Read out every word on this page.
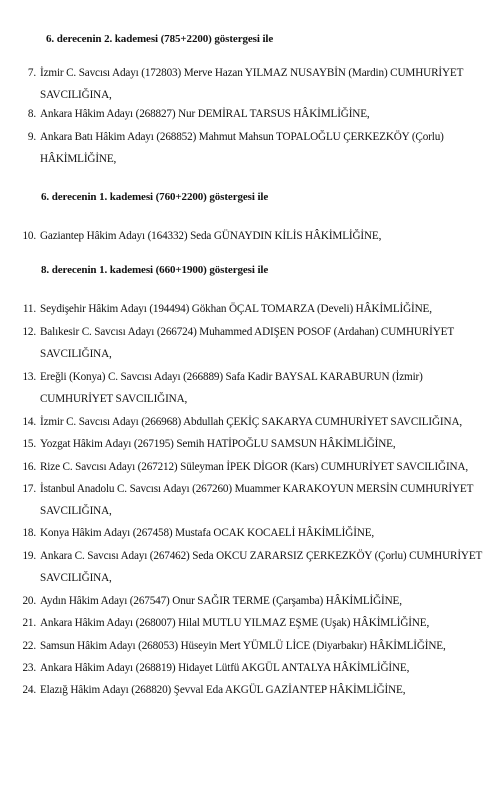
6. derecenin 2. kademesi (785+2200) göstergesi ile
7. İzmir C. Savcısı Adayı (172803) Merve Hazan YILMAZ NUSAYBİN (Mardin) CUMHURİYET SAVCILIĞINA,
8. Ankara Hâkim Adayı (268827) Nur DEMİRAL TARSUS HÂKİMLİĞİNE,
9. Ankara Batı Hâkim Adayı (268852) Mahmut Mahsun TOPALOĞLU ÇERKEZKÖY (Çorlu) HÂKİMLİĞİNE,
6. derecenin 1. kademesi (760+2200) göstergesi ile
10. Gaziantep Hâkim Adayı (164332) Seda GÜNAYDIN KİLİS HÂKİMLİĞİNE,
8. derecenin 1. kademesi (660+1900) göstergesi ile
11. Seydişehir Hâkim Adayı (194494) Gökhan ÖÇAL TOMARZA (Develi) HÂKİMLİĞİNE,
12. Balıkesir C. Savcısı Adayı (266724) Muhammed ADIŞEN POSOF (Ardahan) CUMHURİYET SAVCILIĞINA,
13. Ereğli (Konya) C. Savcısı Adayı (266889) Safa Kadir BAYSAL KARABURUN (İzmir) CUMHURİYET SAVCILIĞINA,
14. İzmir C. Savcısı Adayı (266968) Abdullah ÇEKİÇ SAKARYA CUMHURİYET SAVCILIĞINA,
15. Yozgat Hâkim Adayı (267195) Semih HATİPOĞLU SAMSUN HÂKİMLİĞİNE,
16. Rize C. Savcısı Adayı (267212) Süleyman İPEK DİGOR (Kars) CUMHURİYET SAVCILIĞINA,
17. İstanbul Anadolu C. Savcısı Adayı (267260) Muammer KARAKOYUN MERSİN CUMHURİYET SAVCILIĞINA,
18. Konya Hâkim Adayı (267458) Mustafa OCAK KOCAELİ HÂKİMLİĞİNE,
19. Ankara C. Savcısı Adayı (267462) Seda OKCU ZARARSIZ ÇERKEZKÖY (Çorlu) CUMHURİYET SAVCILIĞINA,
20. Aydın Hâkim Adayı (267547) Onur SAĞIR TERME (Çarşamba) HÂKİMLİĞİNE,
21. Ankara Hâkim Adayı (268007) Hilal MUTLU YILMAZ EŞME (Uşak) HÂKİMLİĞİNE,
22. Samsun Hâkim Adayı (268053) Hüseyin Mert YÜMLÜ LİCE (Diyarbakır) HÂKİMLİĞİNE,
23. Ankara Hâkim Adayı (268819) Hidayet Lütfü AKGÜL ANTALYA HÂKİMLİĞİNE,
24. Elazığ Hâkim Adayı (268820) Şevval Eda AKGÜL GAZİANTEP HÂKİMLİĞİNE,
